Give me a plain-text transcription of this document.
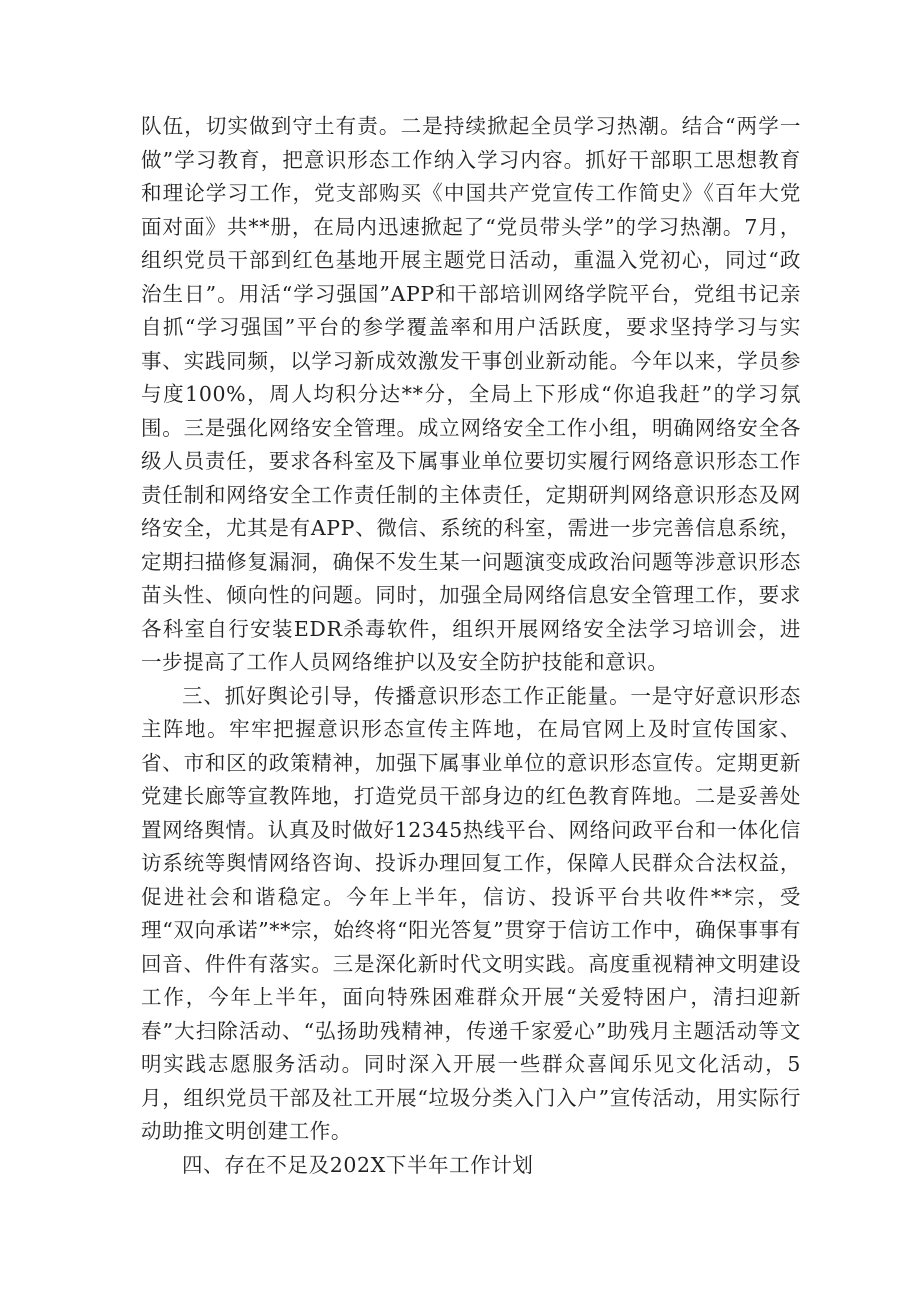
队伍，切实做到守土有责。二是持续掀起全员学习热潮。结合“两学一做”学习教育，把意识形态工作纳入学习内容。抓好干部职工思想教育和理论学习工作，党支部购买《中国共产党宣传工作简史》《百年大党面对面》共**册，在局内迅速掀起了“党员带头学”的学习热潮。7月，组织党员干部到红色基地开展主题党日活动，重温入党初心，同过“政治生日”。用活“学习强国”APP和干部培训网络学院平台，党组书记亲自抓“学习强国”平台的参学覆盖率和用户活跃度，要求坚持学习与实事、实践同频，以学习新成效激发干事创业新动能。今年以来，学员参与度100%，周人均积分达**分，全局上下形成“你追我赶”的学习氛围。三是强化网络安全管理。成立网络安全工作小组，明确网络安全各级人员责任，要求各科室及下属事业单位要切实履行网络意识形态工作责任制和网络安全工作责任制的主体责任，定期研判网络意识形态及网络安全，尤其是有APP、微信、系统的科室，需进一步完善信息系统，定期扫描修复漏洞，确保不发生某一问题演变成政治问题等涉意识形态苗头性、倾向性的问题。同时，加强全局网络信息安全管理工作，要求各科室自行安装EDR杀毒软件，组织开展网络安全法学习培训会，进一步提高了工作人员网络维护以及安全防护技能和意识。

三、抓好舆论引导，传播意识形态工作正能量。一是守好意识形态主阵地。牢牢把握意识形态宣传主阵地，在局官网上及时宣传国家、省、市和区的政策精神，加强下属事业单位的意识形态宣传。定期更新党建长廊等宣教阵地，打造党员干部身边的红色教育阵地。二是妥善处置网络舆情。认真及时做好12345热线平台、网络问政平台和一体化信访系统等舆情网络咨询、投诉办理回复工作，保障人民群众合法权益，促进社会和谐稳定。今年上半年，信访、投诉平台共收件**宗，受理“双向承诺”**宗，始终将“阳光答复”贯穿于信访工作中，确保事事有回音、件件有落实。三是深化新时代文明实践。高度重视精神文明建设工作，今年上半年，面向特殊困难群众开展“关爱特困户，清扫迎新春”大扫除活动、“弘扬助残精神，传递千家爱心”助残月主题活动等文明实践志愿服务活动。同时深入开展一些群众喜闻乐见文化活动，5月，组织党员干部及社工开展“垃圾分类入门入户”宣传活动，用实际行动助推文明创建工作。

四、存在不足及202X下半年工作计划
